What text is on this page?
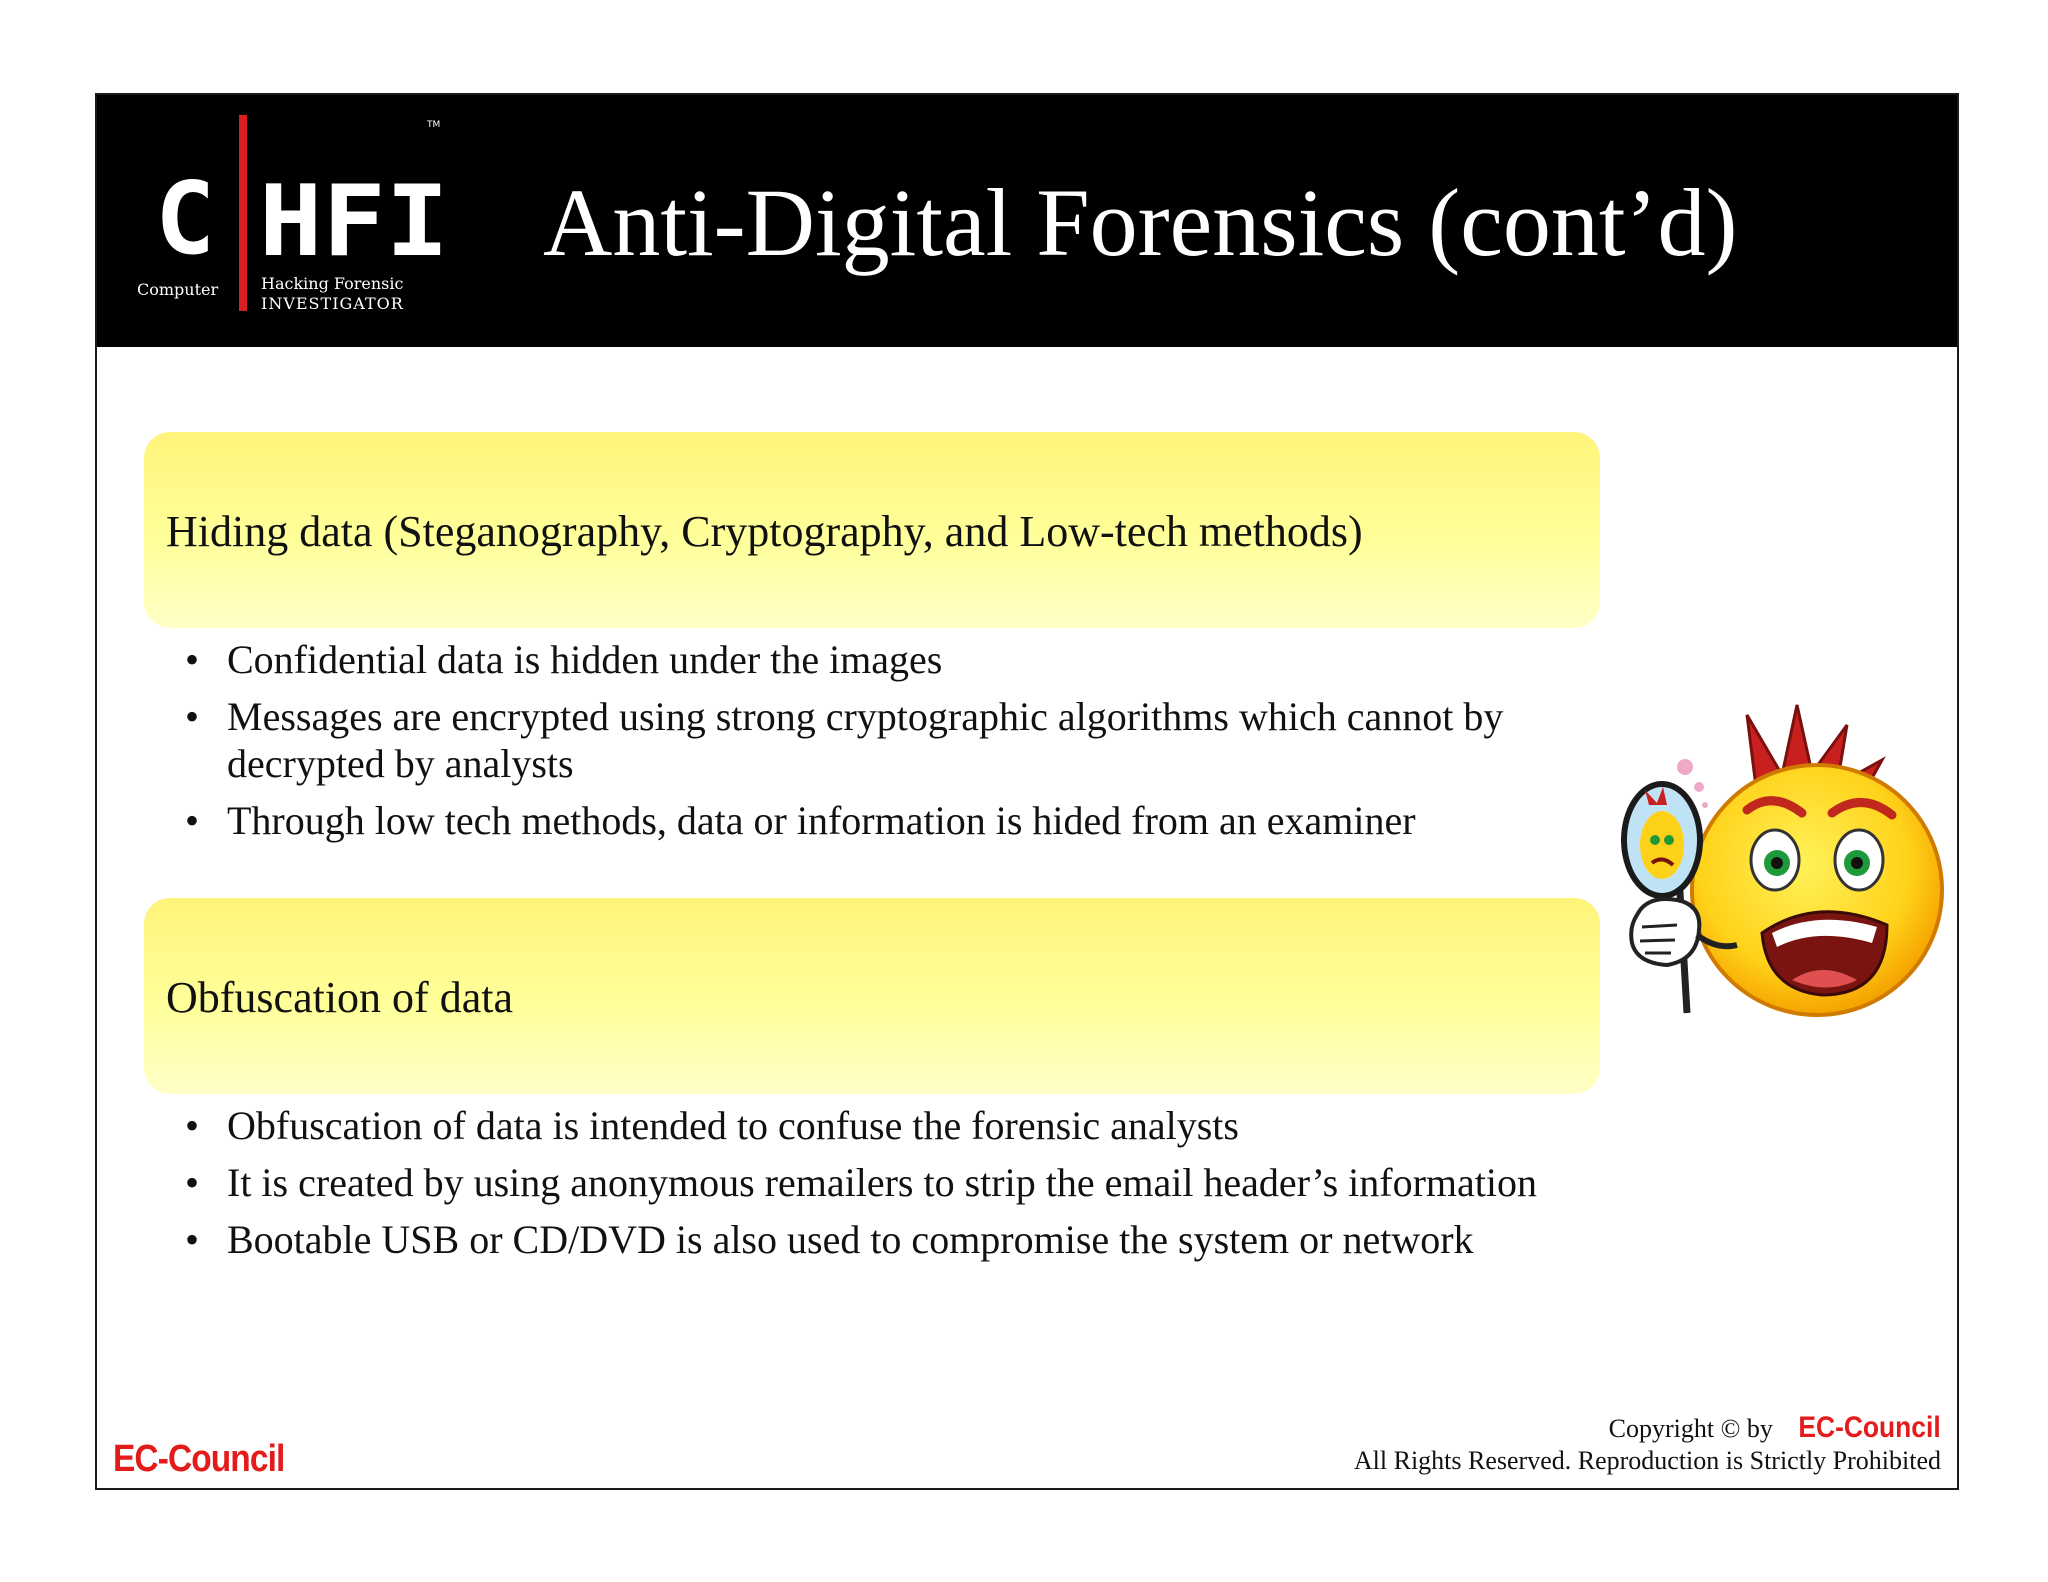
C HFI
TM
Computer	Hacking Forensic
INVESTIGATOR
Anti-Digital Forensics (cont’d)
Hiding data (Steganography, Cryptography, and Low-tech methods)
• Confidential data is hidden under the images
• Messages are encrypted using strong cryptographic algorithms which cannot by decrypted by analysts
• Through low tech methods, data or information is hided from an examiner
Obfuscation of data
• Obfuscation of data is intended to confuse the forensic analysts
• It is created by using anonymous remailers to strip the email header’s information
• Bootable USB or CD/DVD is also used to compromise the system or network
EC-Council
Copyright © by EC-Council
All Rights Reserved. Reproduction is Strictly Prohibited
